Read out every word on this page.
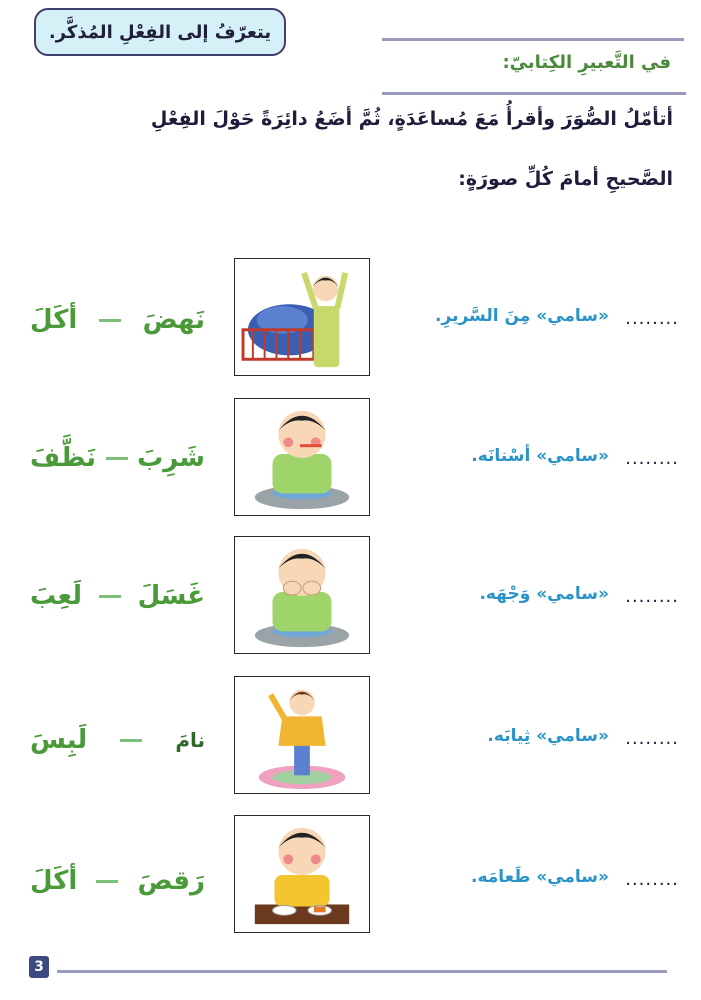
يتعرّفُ إلى الفِعْلِ المُذكَّر.
في التَّعبيرِ الكِتابيّ:
أتأمّلُ الصُّوَرَ وأقرأُ مَعَ مُساعَدَةٍ، ثُمَّ أضَعُ دائِرَةً حَوْلَ الفِعْلِ
الصَّحيحِ أمامَ كُلِّ صورَةٍ:
........
«سامي» مِنَ السَّريرِ.
نَهضَ
أكَلَ
........
«سامي» أسْنانَه.
شَرِبَ
نَظَّفَ
........
«سامي» وَجْهَه.
غَسَلَ
لَعِبَ
........
«سامي» ثِيابَه.
نامَ
لَبِسَ
........
«سامي» طَعامَه.
رَقصَ
أكَلَ
3
